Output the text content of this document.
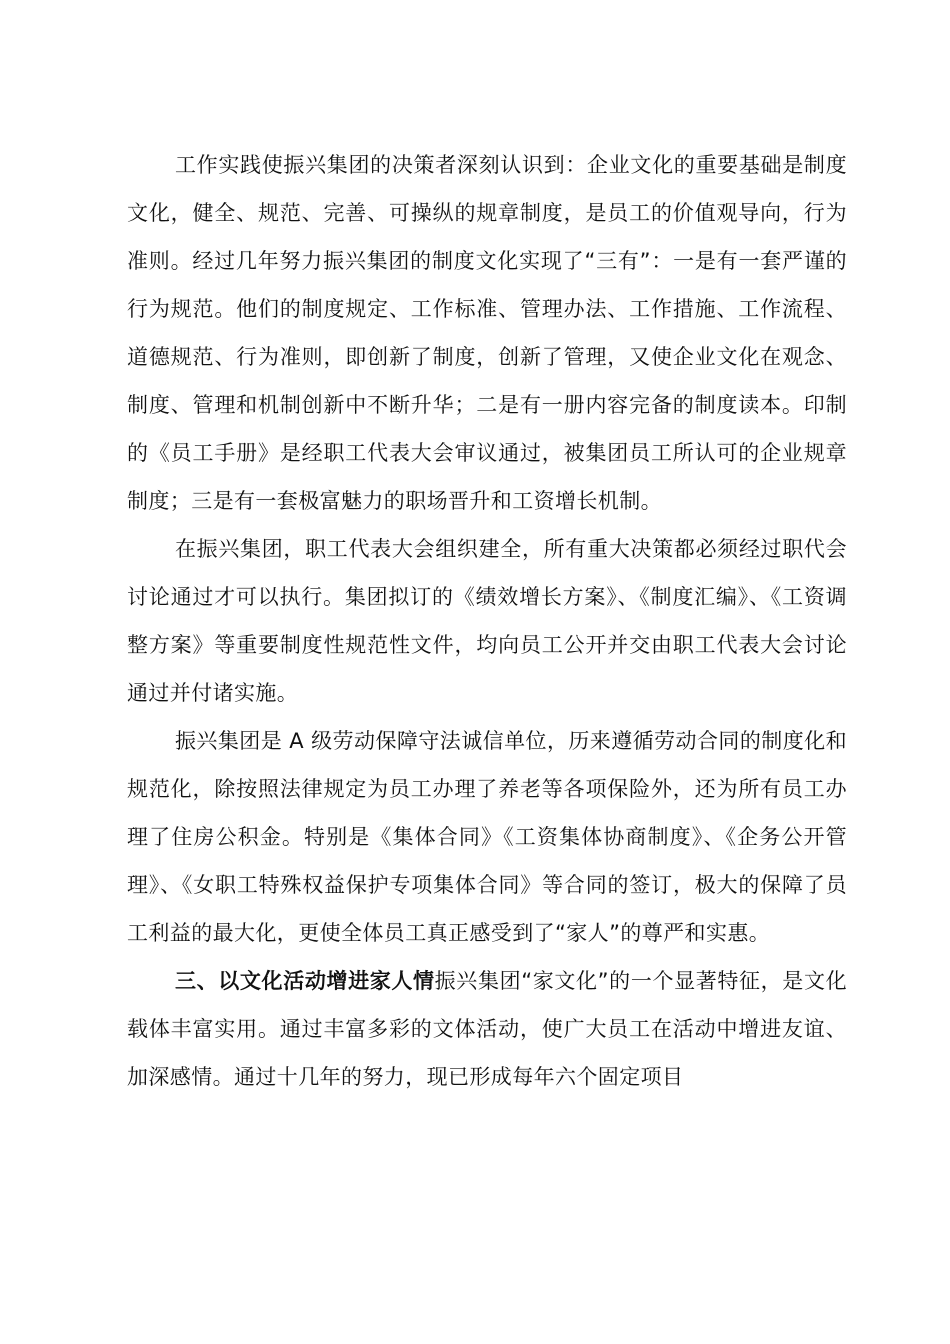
工作实践使振兴集团的决策者深刻认识到：企业文化的重要基础是制度文化，健全、规范、完善、可操纵的规章制度，是员工的价值观导向，行为准则。经过几年努力振兴集团的制度文化实现了“三有”：一是有一套严谨的行为规范。他们的制度规定、工作标准、管理办法、工作措施、工作流程、道德规范、行为准则，即创新了制度，创新了管理，又使企业文化在观念、制度、管理和机制创新中不断升华；二是有一册内容完备的制度读本。印制的《员工手册》是经职工代表大会审议通过，被集团员工所认可的企业规章制度；三是有一套极富魅力的职场晋升和工资增长机制。

在振兴集团，职工代表大会组织建全，所有重大决策都必须经过职代会讨论通过才可以执行。集团拟订的《绩效增长方案》、《制度汇编》、《工资调整方案》等重要制度性规范性文件，均向员工公开并交由职工代表大会讨论通过并付诸实施。

振兴集团是 A 级劳动保障守法诚信单位，历来遵循劳动合同的制度化和规范化，除按照法律规定为员工办理了养老等各项保险外，还为所有员工办理了住房公积金。特别是《集体合同》《工资集体协商制度》、《企务公开管理》、《女职工特殊权益保护专项集体合同》等合同的签订，极大的保障了员工利益的最大化，更使全体员工真正感受到了“家人”的尊严和实惠。

三、以文化活动增进家人情振兴集团“家文化”的一个显著特征，是文化载体丰富实用。通过丰富多彩的文体活动，使广大员工在活动中增进友谊、加深感情。通过十几年的努力，现已形成每年六个固定项目
